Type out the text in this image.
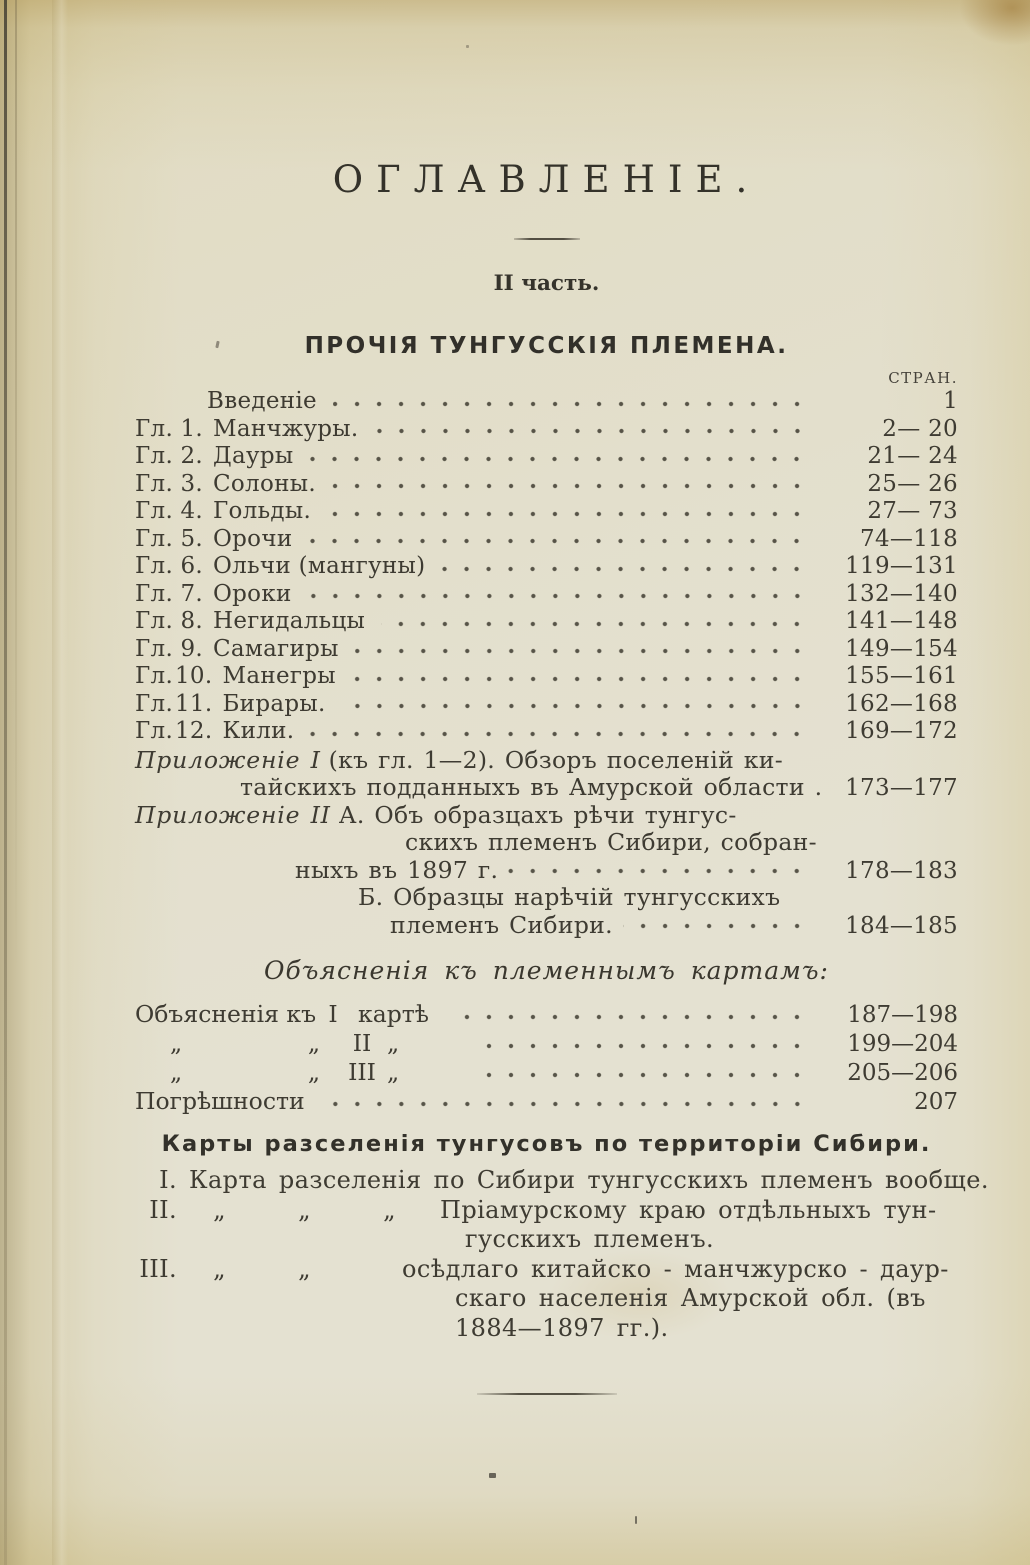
ОГЛАВЛЕНІЕ.
II часть.
ПРОЧІЯ ТУНГУССКІЯ ПЛЕМЕНА.
СТРАН.
Введеніе	1
Гл. 1. Манчжуры.	2— 20
Гл. 2. Дауры	21— 24
Гл. 3. Солоны.	25— 26
Гл. 4. Гольды.	27— 73
Гл. 5. Орочи	74—118
Гл. 6. Ольчи (мангуны)	119—131
Гл. 7. Ороки	132—140
Гл. 8. Негидальцы	141—148
Гл. 9. Самагиры	149—154
Гл. 10. Манегры	155—161
Гл. 11. Бирары.	162—168
Гл. 12. Кили.	169—172
Приложеніе I (къ гл. 1—2). Обзоръ поселеній ки-
тайскихъ подданныхъ въ Амурской области . 173—177
Приложеніе II А. Объ образцахъ рѣчи тунгус-
скихъ племенъ Сибири, собран-
ныхъ въ 1897 г.	178—183
Б. Образцы нарѣчій тунгусскихъ
племенъ Сибири.	184—185
Объясненія къ племеннымъ картамъ:
Объясненія къ I картѣ	187—198
„	„	II „	199—204
„	„ III „	205—206
Погрѣшности	207
Карты разселенія тунгусовъ по территоріи Сибири.
I. Карта разселенія по Сибири тунгусскихъ племенъ вообще.
II.	„	„	„	Пріамурскому краю отдѣльныхъ тун-
гусскихъ племенъ.
III.	„	„	осѣдлаго китайско - манчжурско - даур-
скаго населенія Амурской обл. (въ
1884—1897 гг.).
